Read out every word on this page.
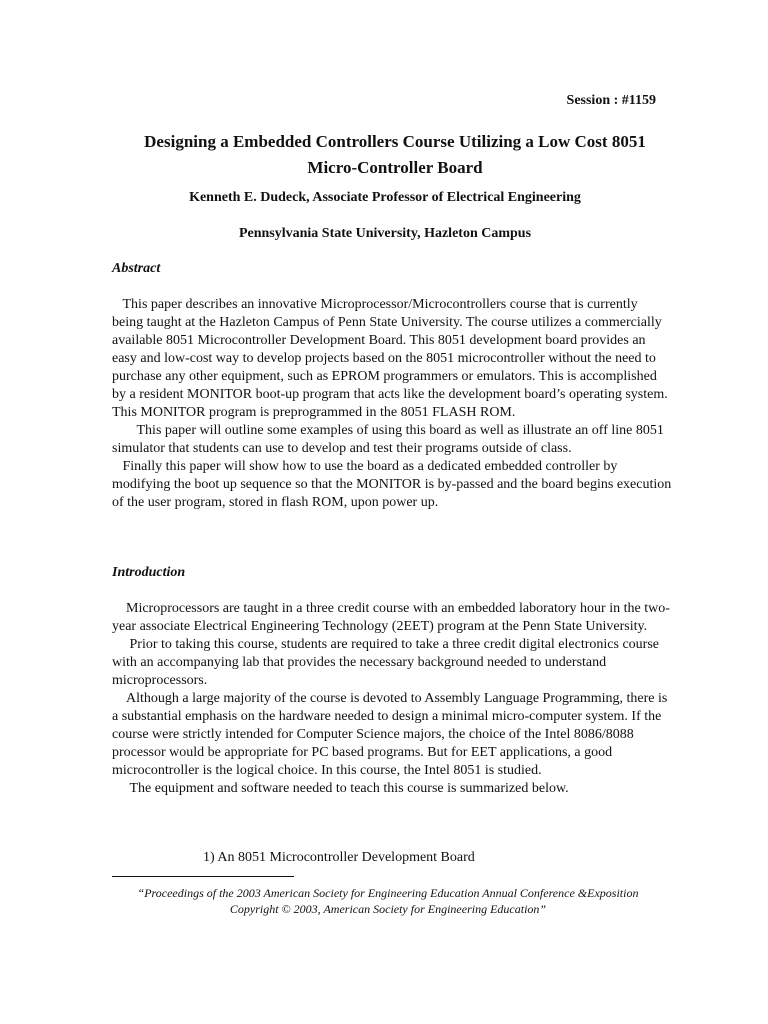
Session : #1159

Designing a Embedded Controllers Course Utilizing a Low Cost 8051
Micro-Controller Board

Kenneth E. Dudeck, Associate Professor of Electrical Engineering

Pennsylvania State University, Hazleton Campus

Abstract

This paper describes an innovative Microprocessor/Microcontrollers course that is currently being taught at the Hazleton Campus of Penn State University. The course utilizes a commercially available 8051 Microcontroller Development Board. This 8051 development board provides an easy and low-cost way to develop projects based on the 8051 microcontroller without the need to purchase any other equipment, such as EPROM programmers or emulators. This is accomplished by a resident MONITOR boot-up program that acts like the development board’s operating system. This MONITOR program is preprogrammed in the 8051 FLASH ROM.

This paper will outline some examples of using this board as well as illustrate an off line 8051 simulator that students can use to develop and test their programs outside of class.

Finally this paper will show how to use the board as a dedicated embedded controller by modifying the boot up sequence so that the MONITOR is by-passed and the board begins execution of the user program, stored in flash ROM, upon power up.

Introduction

Microprocessors are taught in a three credit course with an embedded laboratory hour in the two-year associate Electrical Engineering Technology (2EET) program at the Penn State University.

Prior to taking this course, students are required to take a three credit digital electronics course with an accompanying lab that provides the necessary background needed to understand microprocessors.

Although a large majority of the course is devoted to Assembly Language Programming, there is a substantial emphasis on the hardware needed to design a minimal micro-computer system. If the course were strictly intended for Computer Science majors, the choice of the Intel 8086/8088 processor would be appropriate for PC based programs. But for EET applications, a good microcontroller is the logical choice. In this course, the Intel 8051 is studied.

The equipment and software needed to teach this course is summarized below.

1) An 8051 Microcontroller Development Board

“Proceedings of the 2003 American Society for Engineering Education Annual Conference &Exposition
Copyright © 2003, American Society for Engineering Education”
